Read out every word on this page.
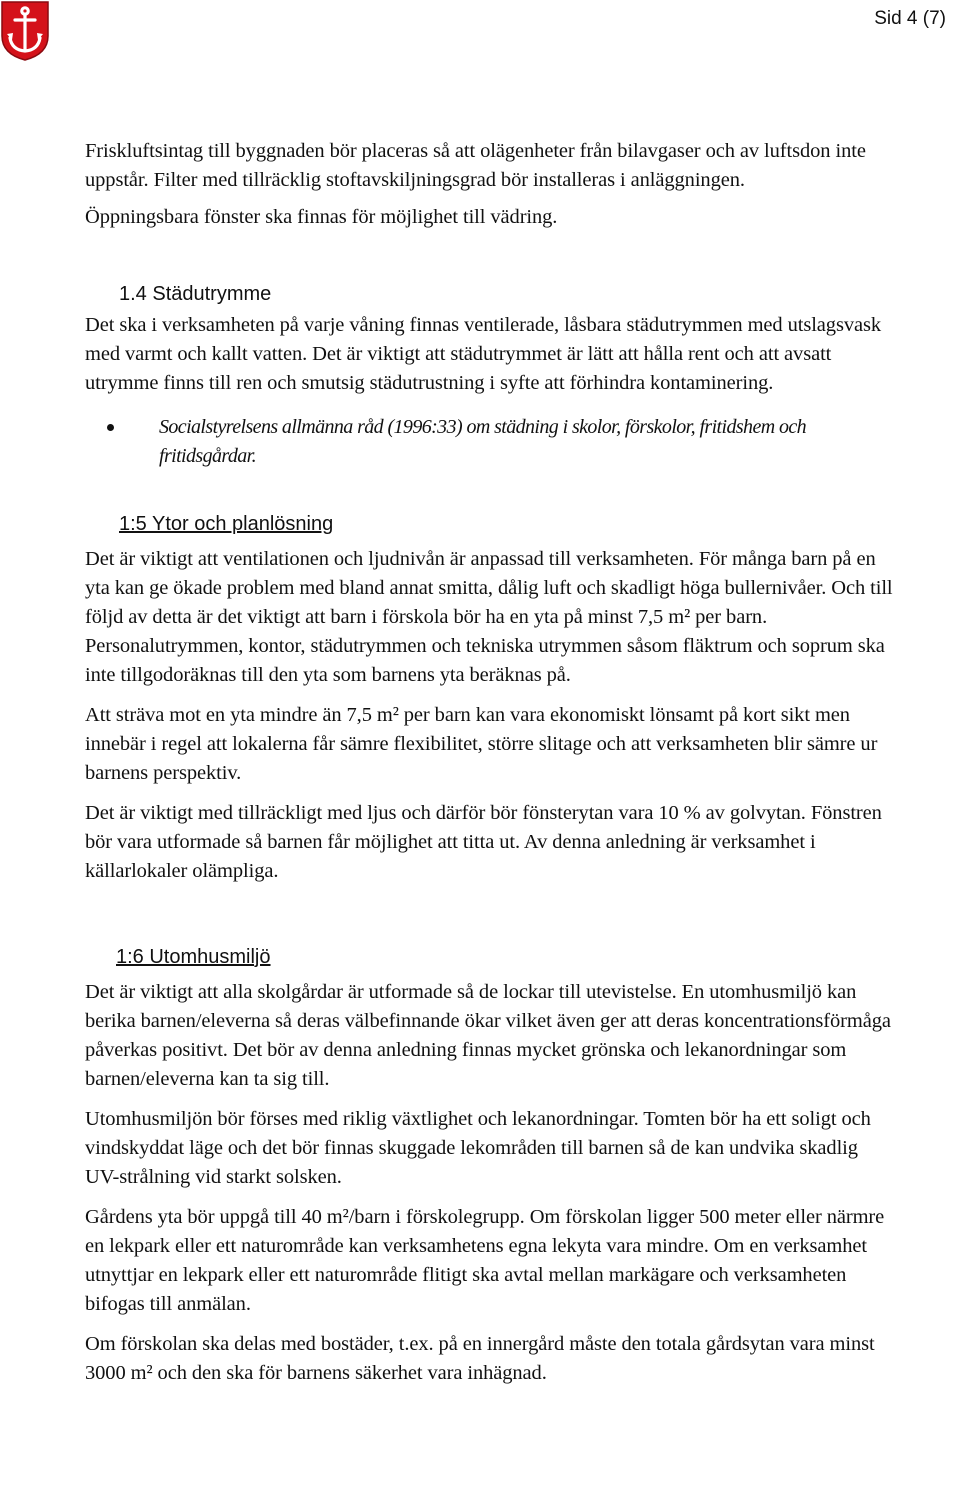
Sid 4 (7)

Friskluftsintag till byggnaden bör placeras så att olägenheter från bilavgaser och av luftsdon inte uppstår. Filter med tillräcklig stoftavskiljningsgrad bör installeras i anläggningen.

Öppningsbara fönster ska finnas för möjlighet till vädring.

1.4 Städutrymme

Det ska i verksamheten på varje våning finnas ventilerade, låsbara städutrymmen med utslagsvask med varmt och kallt vatten. Det är viktigt att städutrymmet är lätt att hålla rent och att avsatt utrymme finns till ren och smutsig städutrustning i syfte att förhindra kontaminering.

Socialstyrelsens allmänna råd (1996:33) om städning i skolor, förskolor, fritidshem och fritidsgårdar.

1:5 Ytor och planlösning

Det är viktigt att ventilationen och ljudnivån är anpassad till verksamheten. För många barn på en yta kan ge ökade problem med bland annat smitta, dålig luft och skadligt höga bullernivåer. Och till följd av detta är det viktigt att barn i förskola bör ha en yta på minst 7,5 m² per barn. Personalutrymmen, kontor, städutrymmen och tekniska utrymmen såsom fläktrum och soprum ska inte tillgodoräknas till den yta som barnens yta beräknas på.

Att sträva mot en yta mindre än 7,5 m² per barn kan vara ekonomiskt lönsamt på kort sikt men innebär i regel att lokalerna får sämre flexibilitet, större slitage och att verksamheten blir sämre ur barnens perspektiv.

Det är viktigt med tillräckligt med ljus och därför bör fönsterytan vara 10 % av golvytan. Fönstren bör vara utformade så barnen får möjlighet att titta ut. Av denna anledning är verksamhet i källarlokaler olämpliga.

1:6 Utomhusmiljö

Det är viktigt att alla skolgårdar är utformade så de lockar till utevistelse. En utomhusmiljö kan berika barnen/eleverna så deras välbefinnande ökar vilket även ger att deras koncentrationsförmåga påverkas positivt. Det bör av denna anledning finnas mycket grönska och lekanordningar som barnen/eleverna kan ta sig till.

Utomhusmiljön bör förses med riklig växtlighet och lekanordningar. Tomten bör ha ett soligt och vindskyddat läge och det bör finnas skuggade lekområden till barnen så de kan undvika skadlig UV-strålning vid starkt solsken.

Gårdens yta bör uppgå till 40 m²/barn i förskolegrupp. Om förskolan ligger 500 meter eller närmre en lekpark eller ett naturområde kan verksamhetens egna lekyta vara mindre. Om en verksamhet utnyttjar en lekpark eller ett naturområde flitigt ska avtal mellan markägare och verksamheten bifogas till anmälan.

Om förskolan ska delas med bostäder, t.ex. på en innergård måste den totala gårdsytan vara minst 3000 m² och den ska för barnens säkerhet vara inhägnad.
